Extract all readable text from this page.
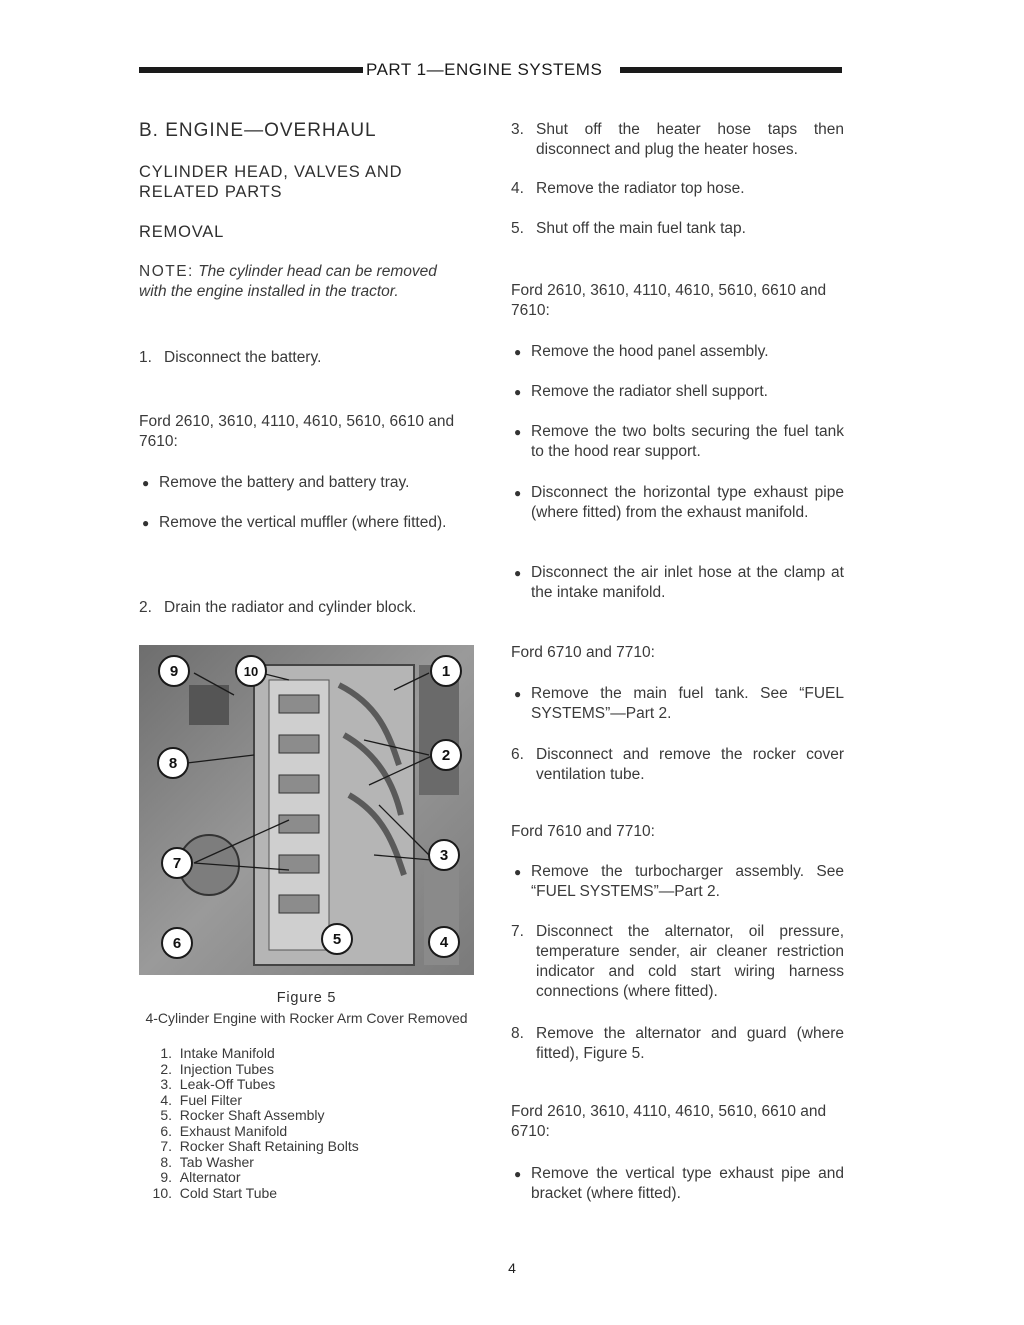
PART 1—ENGINE SYSTEMS
B. ENGINE—OVERHAUL
CYLINDER HEAD, VALVES AND
RELATED PARTS
REMOVAL
NOTE: The cylinder head can be removed
with the engine installed in the tractor.
1. Disconnect the battery.
Ford 2610, 3610, 4110, 4610, 5610, 6610 and 7610:
● Remove the battery and battery tray.
● Remove the vertical muffler (where fitted).
2. Drain the radiator and cylinder block.
9	10	1
8	2
7	3
6	5	4
Figure 5
4-Cylinder Engine with Rocker Arm Cover Removed
1.
Intake Manifold
2.
Injection Tubes
3.
Leak-Off Tubes
4.
Fuel Filter
5.
Rocker Shaft Assembly
6.
Exhaust Manifold
7.
Rocker Shaft Retaining Bolts
8.
Tab Washer
9.
Alternator
10.
Cold Start Tube
3. Shut off the heater hose taps then disconnect and plug the heater hoses.
4. Remove the radiator top hose.
5. Shut off the main fuel tank tap.
Ford 2610, 3610, 4110, 4610, 5610, 6610 and 7610:
● Remove the hood panel assembly.
● Remove the radiator shell support.
● Remove the two bolts securing the fuel tank to the hood rear support.
● Disconnect the horizontal type exhaust pipe (where fitted) from the exhaust manifold.
● Disconnect the air inlet hose at the clamp at the intake manifold.
Ford 6710 and 7710:
● Remove the main fuel tank. See “FUEL SYSTEMS”—Part 2.
6. Disconnect and remove the rocker cover ventilation tube.
Ford 7610 and 7710:
● Remove the turbocharger assembly. See “FUEL SYSTEMS”—Part 2.
7. Disconnect the alternator, oil pressure, temperature sender, air cleaner restriction indicator and cold start wiring harness connections (where fitted).
8. Remove the alternator and guard (where fitted), Figure 5.
Ford 2610, 3610, 4110, 4610, 5610, 6610 and 6710:
● Remove the vertical type exhaust pipe and bracket (where fitted).
4
